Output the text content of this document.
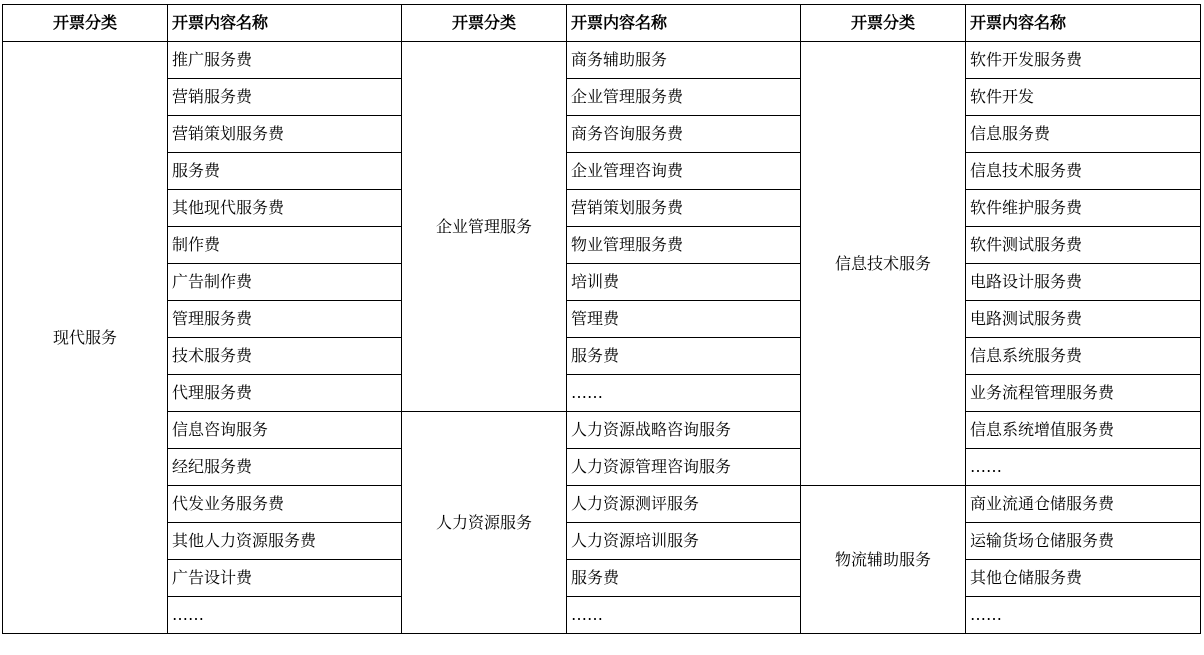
开票分类	开票内容名称	开票分类	开票内容名称	开票分类	开票内容名称
现代服务	推广服务费	企业管理服务	商务辅助服务	信息技术服务	软件开发服务费
	营销服务费		企业管理服务费		软件开发
	营销策划服务费		商务咨询服务费		信息服务费
	服务费		企业管理咨询费		信息技术服务费
	其他现代服务费		营销策划服务费		软件维护服务费
	制作费		物业管理服务费		软件测试服务费
	广告制作费		培训费		电路设计服务费
	管理服务费		管理费		电路测试服务费
	技术服务费		服务费		信息系统服务费
	代理服务费		……		业务流程管理服务费
	信息咨询服务	人力资源服务	人力资源战略咨询服务		信息系统增值服务费
	经纪服务费		人力资源管理咨询服务		……
	代发业务服务费		人力资源测评服务	物流辅助服务	商业流通仓储服务费
	其他人力资源服务费		人力资源培训服务		运输货场仓储服务费
	广告设计费		服务费		其他仓储服务费
	……		……		……
